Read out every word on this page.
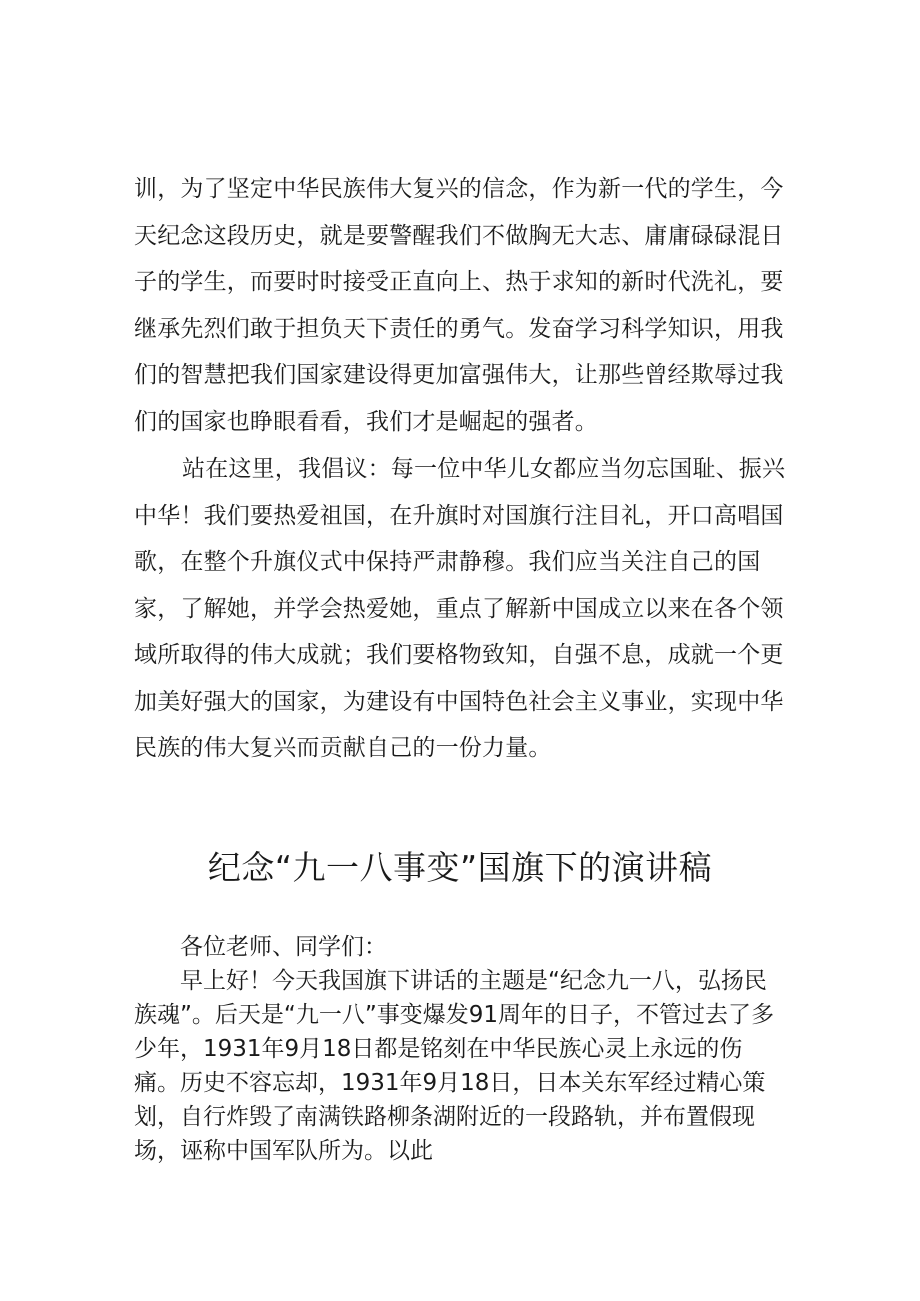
训，为了坚定中华民族伟大复兴的信念，作为新一代的学生，今天纪念这段历史，就是要警醒我们不做胸无大志、庸庸碌碌混日子的学生，而要时时接受正直向上、热于求知的新时代洗礼，要继承先烈们敢于担负天下责任的勇气。发奋学习科学知识，用我们的智慧把我们国家建设得更加富强伟大，让那些曾经欺辱过我们的国家也睁眼看看，我们才是崛起的强者。

站在这里，我倡议：每一位中华儿女都应当勿忘国耻、振兴中华！我们要热爱祖国，在升旗时对国旗行注目礼，开口高唱国歌，在整个升旗仪式中保持严肃静穆。我们应当关注自己的国家，了解她，并学会热爱她，重点了解新中国成立以来在各个领域所取得的伟大成就；我们要格物致知，自强不息，成就一个更加美好强大的国家，为建设有中国特色社会主义事业，实现中华民族的伟大复兴而贡献自己的一份力量。

纪念“九一八事变”国旗下的演讲稿

各位老师、同学们：

早上好！今天我国旗下讲话的主题是“纪念九一八，弘扬民族魂”。后天是“九一八”事变爆发91周年的日子，不管过去了多少年，1931年9月18日都是铭刻在中华民族心灵上永远的伤痛。历史不容忘却，1931年9月18日，日本关东军经过精心策划，自行炸毁了南满铁路柳条湖附近的一段路轨，并布置假现场，诬称中国军队所为。以此
